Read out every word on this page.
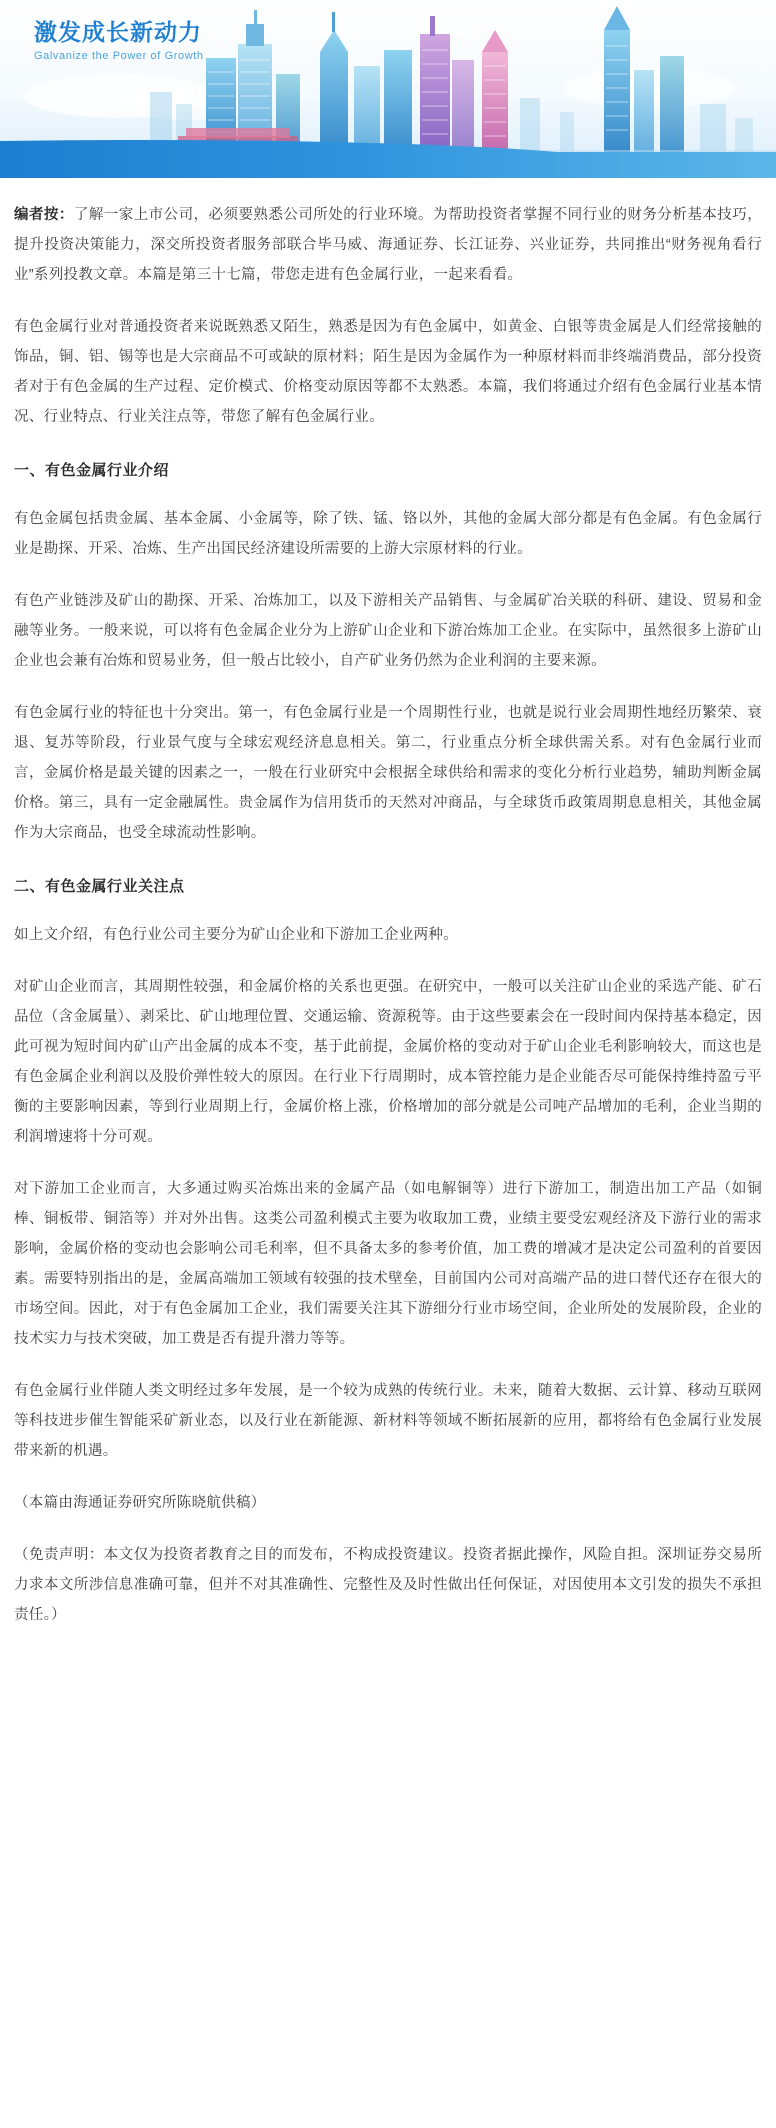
激发成长新动力
Galvanize the Power of Growth

编者按：了解一家上市公司，必须要熟悉公司所处的行业环境。为帮助投资者掌握不同行业的财务分析基本技巧，提升投资决策能力，深交所投资者服务部联合毕马威、海通证券、长江证券、兴业证券，共同推出“财务视角看行业”系列投教文章。本篇是第三十七篇，带您走进有色金属行业，一起来看看。

有色金属行业对普通投资者来说既熟悉又陌生，熟悉是因为有色金属中，如黄金、白银等贵金属是人们经常接触的饰品，铜、铝、锡等也是大宗商品不可或缺的原材料；陌生是因为金属作为一种原材料而非终端消费品，部分投资者对于有色金属的生产过程、定价模式、价格变动原因等都不太熟悉。本篇，我们将通过介绍有色金属行业基本情况、行业特点、行业关注点等，带您了解有色金属行业。

一、有色金属行业介绍

有色金属包括贵金属、基本金属、小金属等，除了铁、锰、铬以外，其他的金属大部分都是有色金属。有色金属行业是勘探、开采、冶炼、生产出国民经济建设所需要的上游大宗原材料的行业。

有色产业链涉及矿山的勘探、开采、冶炼加工，以及下游相关产品销售、与金属矿冶关联的科研、建设、贸易和金融等业务。一般来说，可以将有色金属企业分为上游矿山企业和下游冶炼加工企业。在实际中，虽然很多上游矿山企业也会兼有冶炼和贸易业务，但一般占比较小，自产矿业务仍然为企业利润的主要来源。

有色金属行业的特征也十分突出。第一，有色金属行业是一个周期性行业，也就是说行业会周期性地经历繁荣、衰退、复苏等阶段，行业景气度与全球宏观经济息息相关。第二，行业重点分析全球供需关系。对有色金属行业而言，金属价格是最关键的因素之一，一般在行业研究中会根据全球供给和需求的变化分析行业趋势，辅助判断金属价格。第三，具有一定金融属性。贵金属作为信用货币的天然对冲商品，与全球货币政策周期息息相关，其他金属作为大宗商品，也受全球流动性影响。

二、有色金属行业关注点

如上文介绍，有色行业公司主要分为矿山企业和下游加工企业两种。

对矿山企业而言，其周期性较强，和金属价格的关系也更强。在研究中，一般可以关注矿山企业的采选产能、矿石品位（含金属量）、剥采比、矿山地理位置、交通运输、资源税等。由于这些要素会在一段时间内保持基本稳定，因此可视为短时间内矿山产出金属的成本不变，基于此前提，金属价格的变动对于矿山企业毛利影响较大，而这也是有色金属企业利润以及股价弹性较大的原因。在行业下行周期时，成本管控能力是企业能否尽可能保持维持盈亏平衡的主要影响因素，等到行业周期上行，金属价格上涨，价格增加的部分就是公司吨产品增加的毛利，企业当期的利润增速将十分可观。

对下游加工企业而言，大多通过购买冶炼出来的金属产品（如电解铜等）进行下游加工，制造出加工产品（如铜棒、铜板带、铜箔等）并对外出售。这类公司盈利模式主要为收取加工费，业绩主要受宏观经济及下游行业的需求影响，金属价格的变动也会影响公司毛利率，但不具备太多的参考价值，加工费的增减才是决定公司盈利的首要因素。需要特别指出的是，金属高端加工领域有较强的技术壁垒，目前国内公司对高端产品的进口替代还存在很大的市场空间。因此，对于有色金属加工企业，我们需要关注其下游细分行业市场空间，企业所处的发展阶段，企业的技术实力与技术突破，加工费是否有提升潜力等等。

有色金属行业伴随人类文明经过多年发展，是一个较为成熟的传统行业。未来，随着大数据、云计算、移动互联网等科技进步催生智能采矿新业态，以及行业在新能源、新材料等领域不断拓展新的应用，都将给有色金属行业发展带来新的机遇。

（本篇由海通证券研究所陈晓航供稿）

（免责声明：本文仅为投资者教育之目的而发布，不构成投资建议。投资者据此操作，风险自担。深圳证券交易所力求本文所涉信息准确可靠，但并不对其准确性、完整性及及时性做出任何保证，对因使用本文引发的损失不承担责任。）
